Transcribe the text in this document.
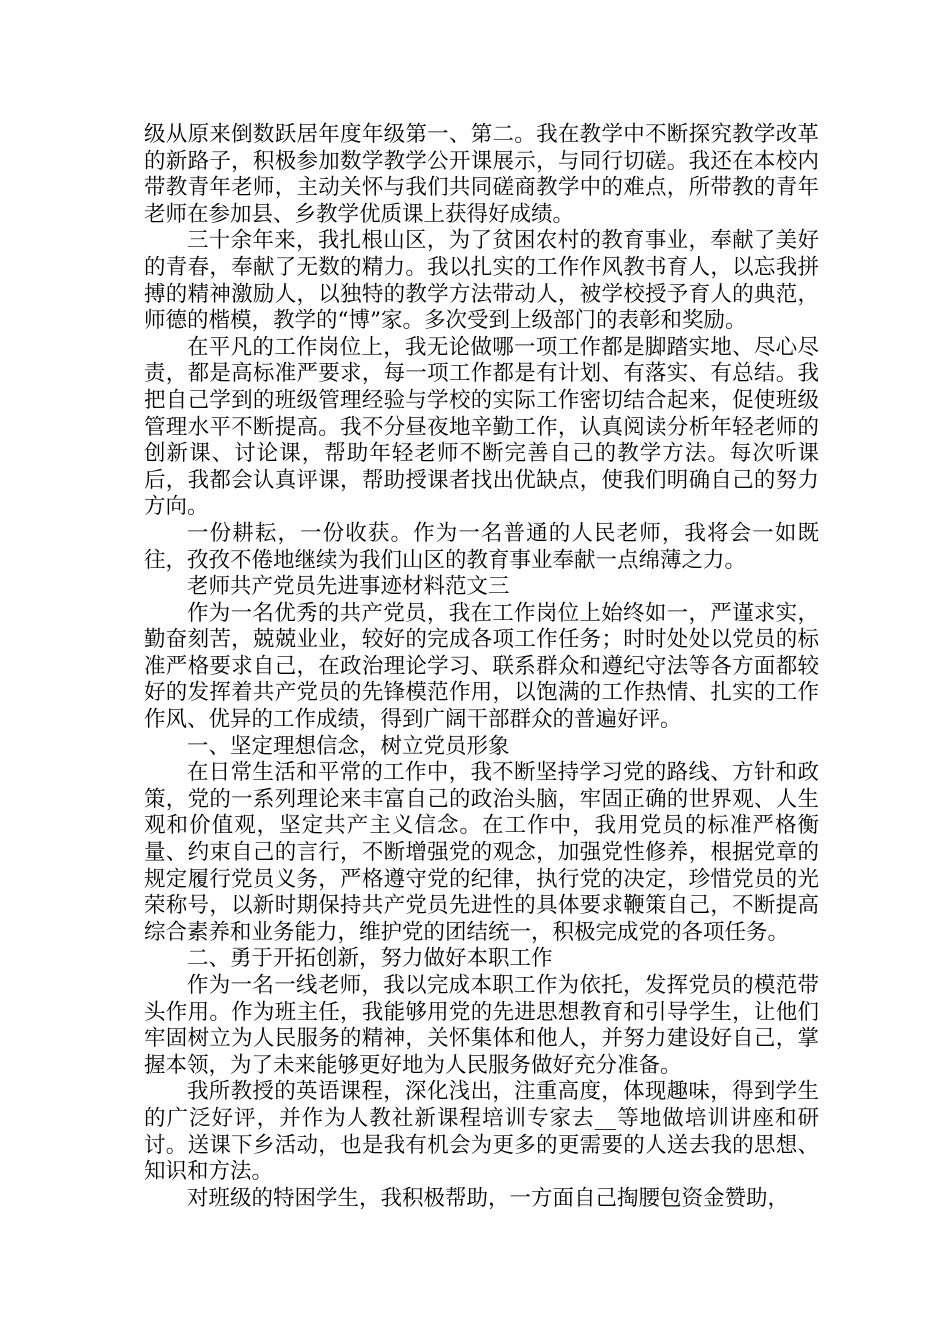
级从原来倒数跃居年度年级第一、第二。我在教学中不断探究教学改革的新路子，积极参加数学教学公开课展示，与同行切磋。我还在本校内带教青年老师，主动关怀与我们共同磋商教学中的难点，所带教的青年老师在参加县、乡教学优质课上获得好成绩。

三十余年来，我扎根山区，为了贫困农村的教育事业，奉献了美好的青春，奉献了无数的精力。我以扎实的工作作风教书育人，以忘我拼搏的精神激励人，以独特的教学方法带动人，被学校授予育人的典范，师德的楷模，教学的“博”家。多次受到上级部门的表彰和奖励。

在平凡的工作岗位上，我无论做哪一项工作都是脚踏实地、尽心尽责，都是高标准严要求，每一项工作都是有计划、有落实、有总结。我把自己学到的班级管理经验与学校的实际工作密切结合起来，促使班级管理水平不断提高。我不分昼夜地辛勤工作，认真阅读分析年轻老师的创新课、讨论课，帮助年轻老师不断完善自己的教学方法。每次听课后，我都会认真评课，帮助授课者找出优缺点，使我们明确自己的努力方向。

一份耕耘，一份收获。作为一名普通的人民老师，我将会一如既往，孜孜不倦地继续为我们山区的教育事业奉献一点绵薄之力。

老师共产党员先进事迹材料范文三

作为一名优秀的共产党员，我在工作岗位上始终如一，严谨求实，勤奋刻苦，兢兢业业，较好的完成各项工作任务；时时处处以党员的标准严格要求自己，在政治理论学习、联系群众和遵纪守法等各方面都较好的发挥着共产党员的先锋模范作用，以饱满的工作热情、扎实的工作作风、优异的工作成绩，得到广阔干部群众的普遍好评。

一、坚定理想信念，树立党员形象

在日常生活和平常的工作中，我不断坚持学习党的路线、方针和政策，党的一系列理论来丰富自己的政治头脑，牢固正确的世界观、人生观和价值观，坚定共产主义信念。在工作中，我用党员的标准严格衡量、约束自己的言行，不断增强党的观念，加强党性修养，根据党章的规定履行党员义务，严格遵守党的纪律，执行党的决定，珍惜党员的光荣称号，以新时期保持共产党员先进性的具体要求鞭策自己，不断提高综合素养和业务能力，维护党的团结统一，积极完成党的各项任务。

二、勇于开拓创新，努力做好本职工作

作为一名一线老师，我以完成本职工作为依托，发挥党员的模范带头作用。作为班主任，我能够用党的先进思想教育和引导学生，让他们牢固树立为人民服务的精神，关怀集体和他人，并努力建设好自己，掌握本领，为了未来能够更好地为人民服务做好充分准备。

我所教授的英语课程，深化浅出，注重高度，体现趣味，得到学生的广泛好评，并作为人教社新课程培训专家去__等地做培训讲座和研讨。送课下乡活动，也是我有机会为更多的更需要的人送去我的思想、知识和方法。

对班级的特困学生，我积极帮助，一方面自己掏腰包资金赞助，
